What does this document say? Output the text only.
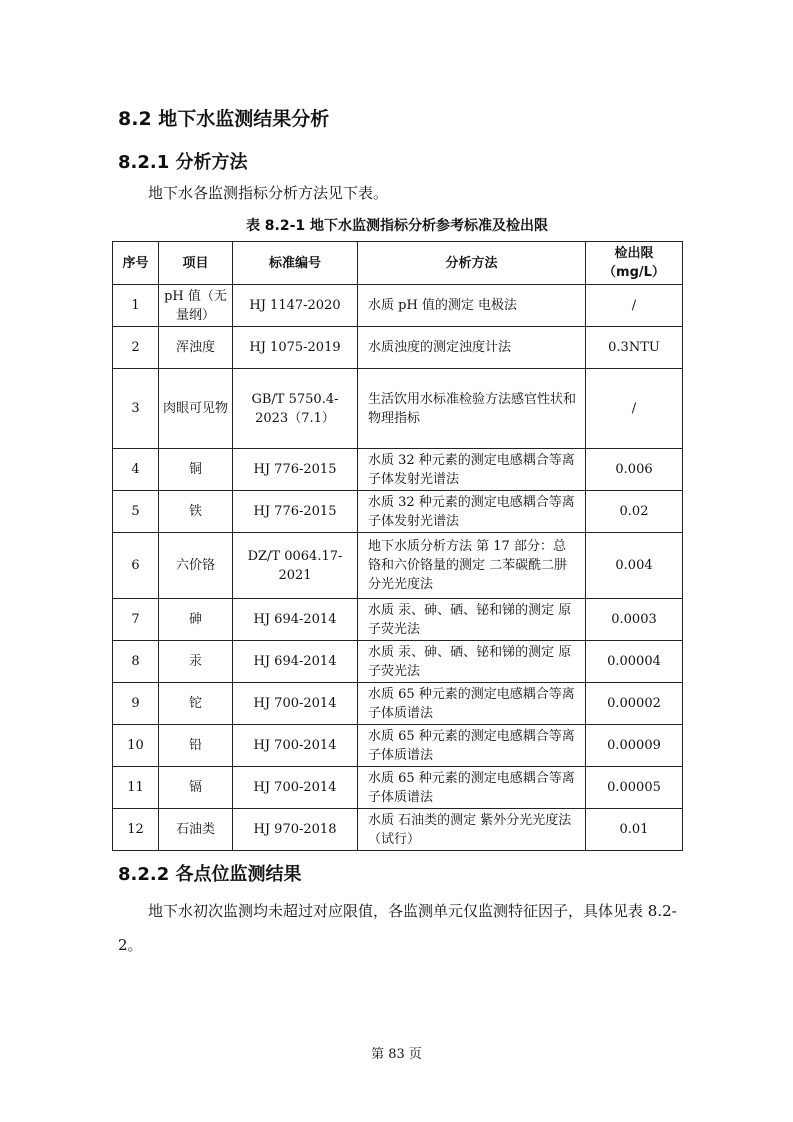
8.2 地下水监测结果分析
8.2.1 分析方法
地下水各监测指标分析方法见下表。
表 8.2-1 地下水监测指标分析参考标准及检出限
序号	项目	标准编号	分析方法	检出限
（mg/L）

1	pH 值（无量纲）	HJ 1147-2020	水质 pH 值的测定 电极法	/
2	浑浊度	HJ 1075-2019	水质浊度的测定浊度计法	0.3NTU
3	肉眼可见物	GB/T 5750.4-2023（7.1）	生活饮用水标准检验方法感官性状和物理指标	/
4	铜	HJ 776-2015	水质 32 种元素的测定电感耦合等离子体发射光谱法	0.006
5	铁	HJ 776-2015	水质 32 种元素的测定电感耦合等离子体发射光谱法	0.02
6	六价铬	DZ/T 0064.17-2021	地下水质分析方法 第 17 部分：总铬和六价铬量的测定 二苯碳酰二肼分光光度法	0.004
7	砷	HJ 694-2014	水质 汞、砷、硒、铋和锑的测定 原子荧光法	0.0003
8	汞	HJ 694-2014	水质 汞、砷、硒、铋和锑的测定 原子荧光法	0.00004
9	铊	HJ 700-2014	水质 65 种元素的测定电感耦合等离子体质谱法	0.00002
10	铅	HJ 700-2014	水质 65 种元素的测定电感耦合等离子体质谱法	0.00009
11	镉	HJ 700-2014	水质 65 种元素的测定电感耦合等离子体质谱法	0.00005
12	石油类	HJ 970-2018	水质 石油类的测定 紫外分光光度法（试行）	0.01
8.2.2 各点位监测结果
地下水初次监测均未超过对应限值，各监测单元仅监测特征因子，具体见表 8.2-2。
第 83 页
